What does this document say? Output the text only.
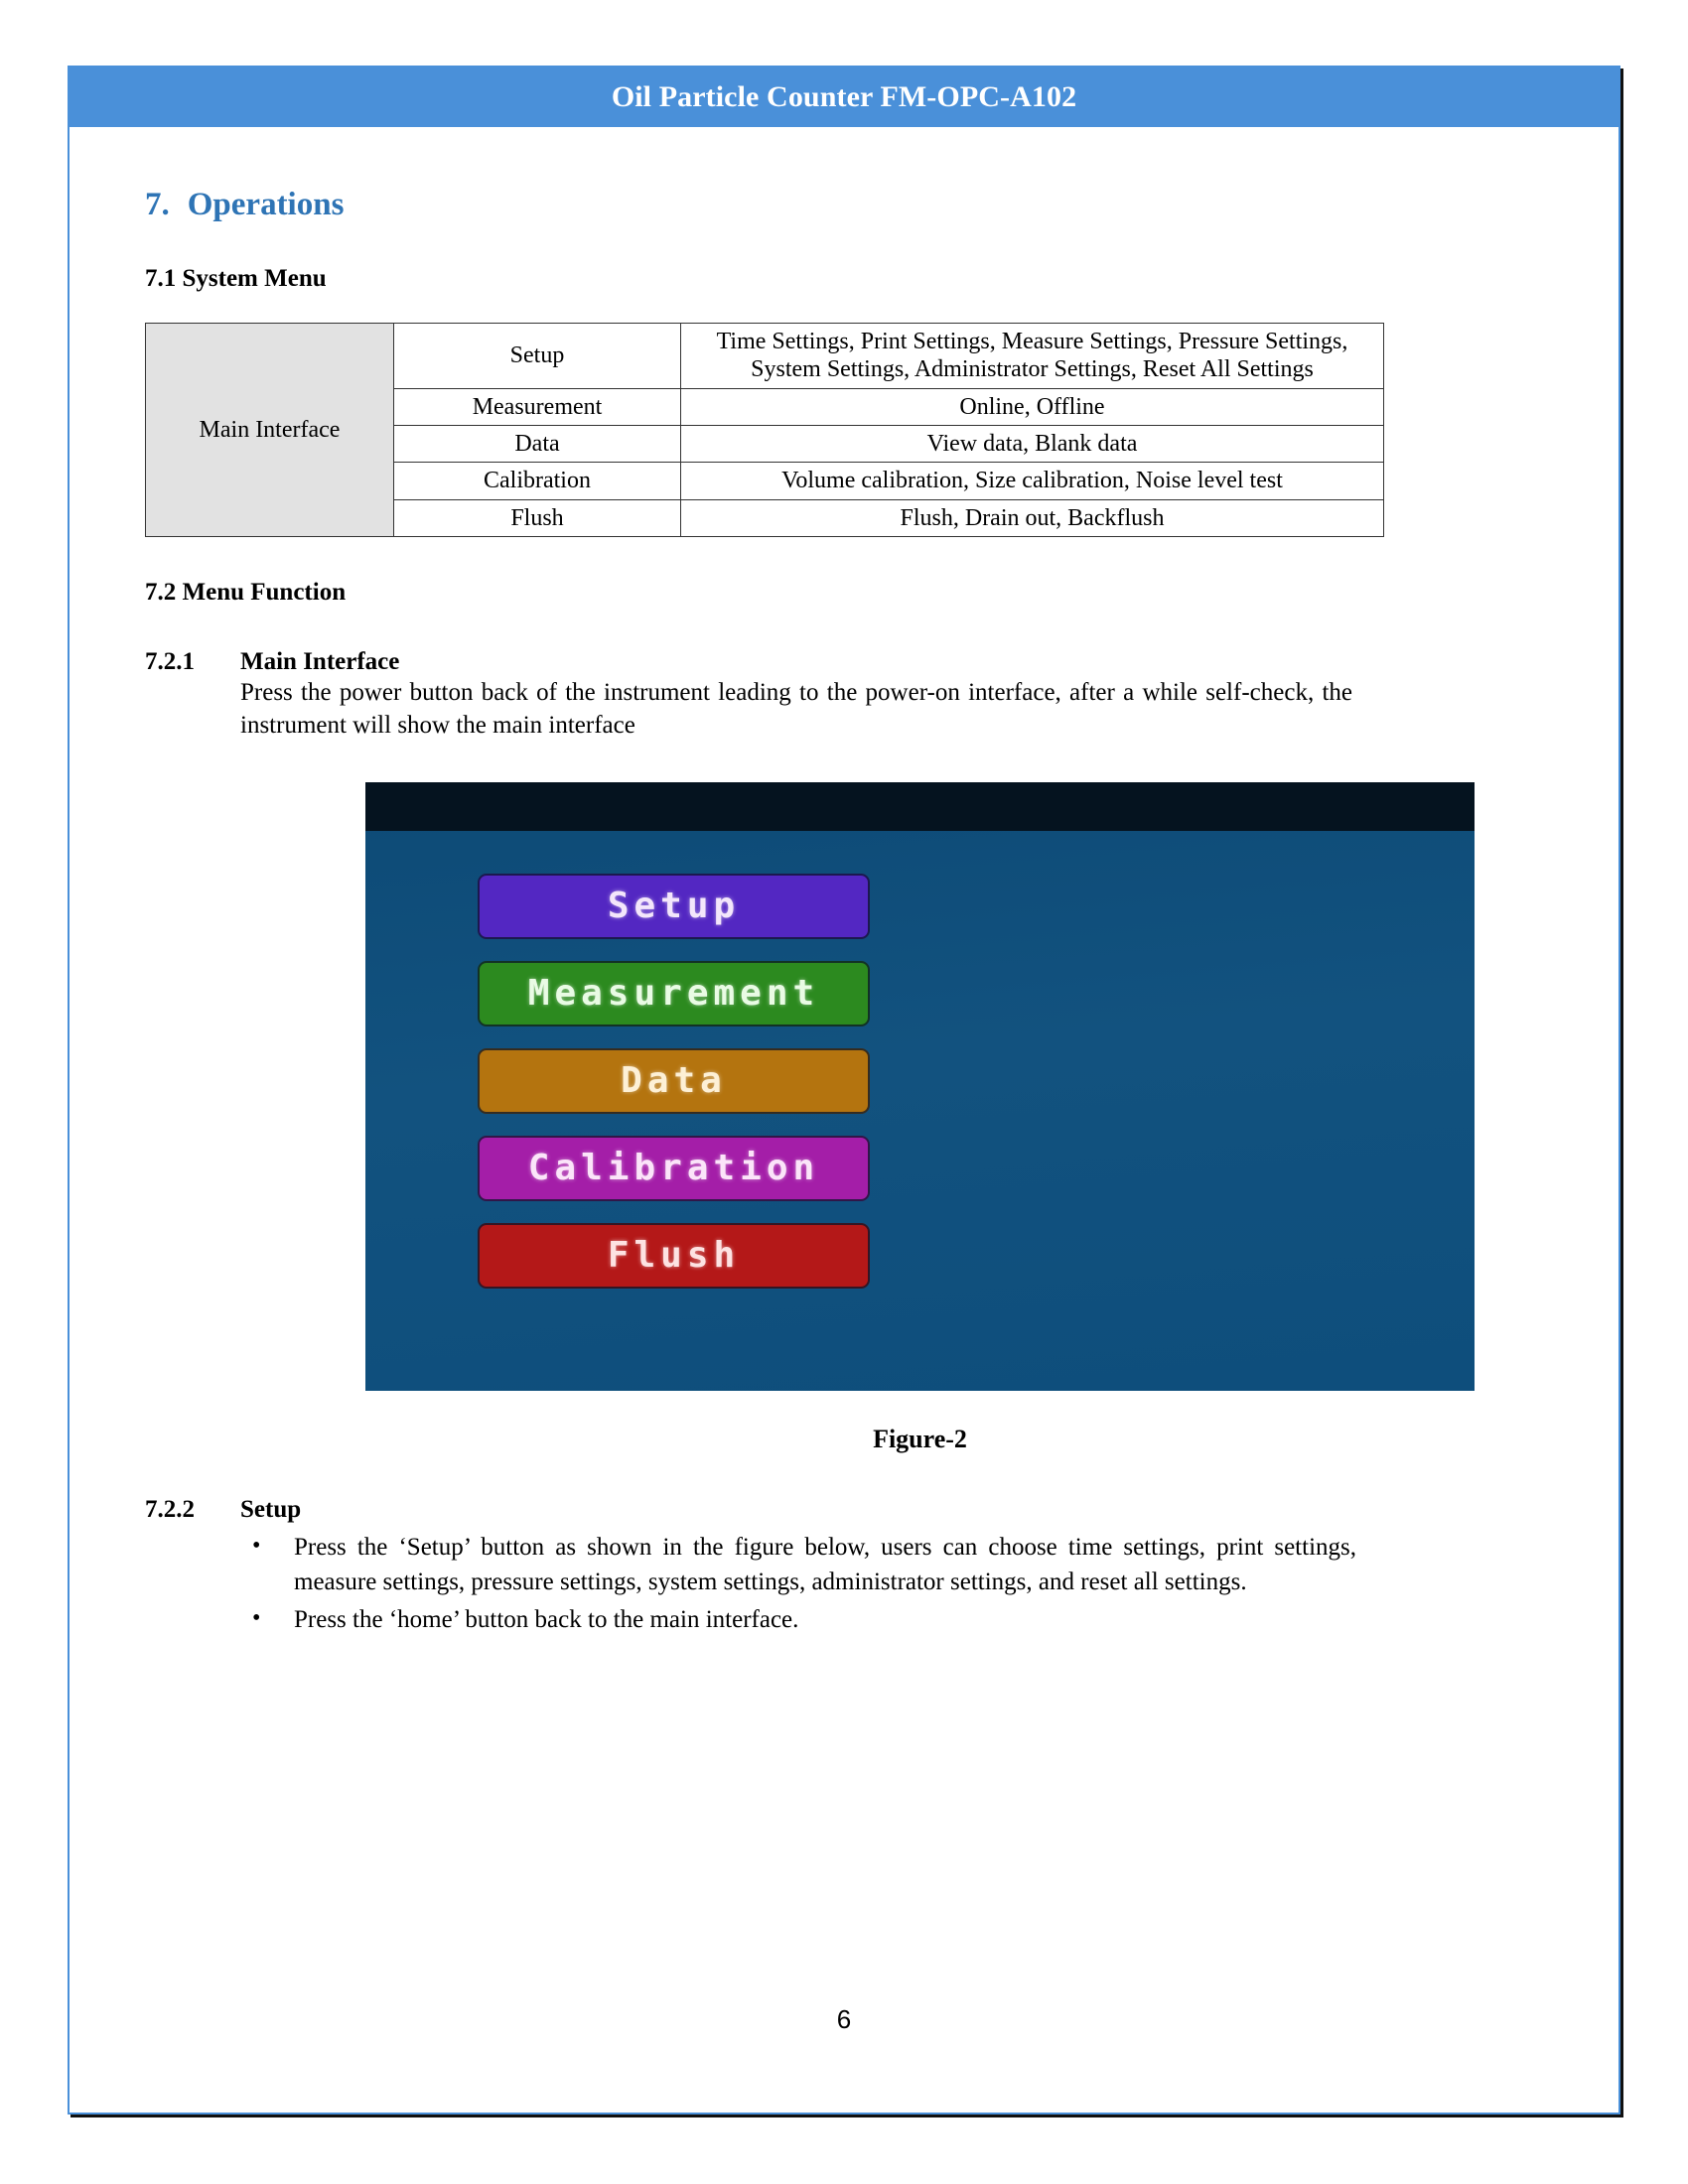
Oil Particle Counter FM-OPC-A102
7. Operations
7.1 System Menu
Main Interface	Setup	Time Settings, Print Settings, Measure Settings, Pressure Settings, System Settings, Administrator Settings, Reset All Settings
	Measurement	Online, Offline
	Data	View data, Blank data
	Calibration	Volume calibration, Size calibration, Noise level test
	Flush	Flush, Drain out, Backflush
7.2 Menu Function
7.2.1	Main Interface
Press the power button back of the instrument leading to the power-on interface, after a while self-check, the instrument will show the main interface
Setup
Measurement
Data
Calibration
Flush
Figure-2
7.2.2	Setup
• Press the ‘Setup’ button as shown in the figure below, users can choose time settings, print settings, measure settings, pressure settings, system settings, administrator settings, and reset all settings.
• Press the ‘home’ button back to the main interface.
6
